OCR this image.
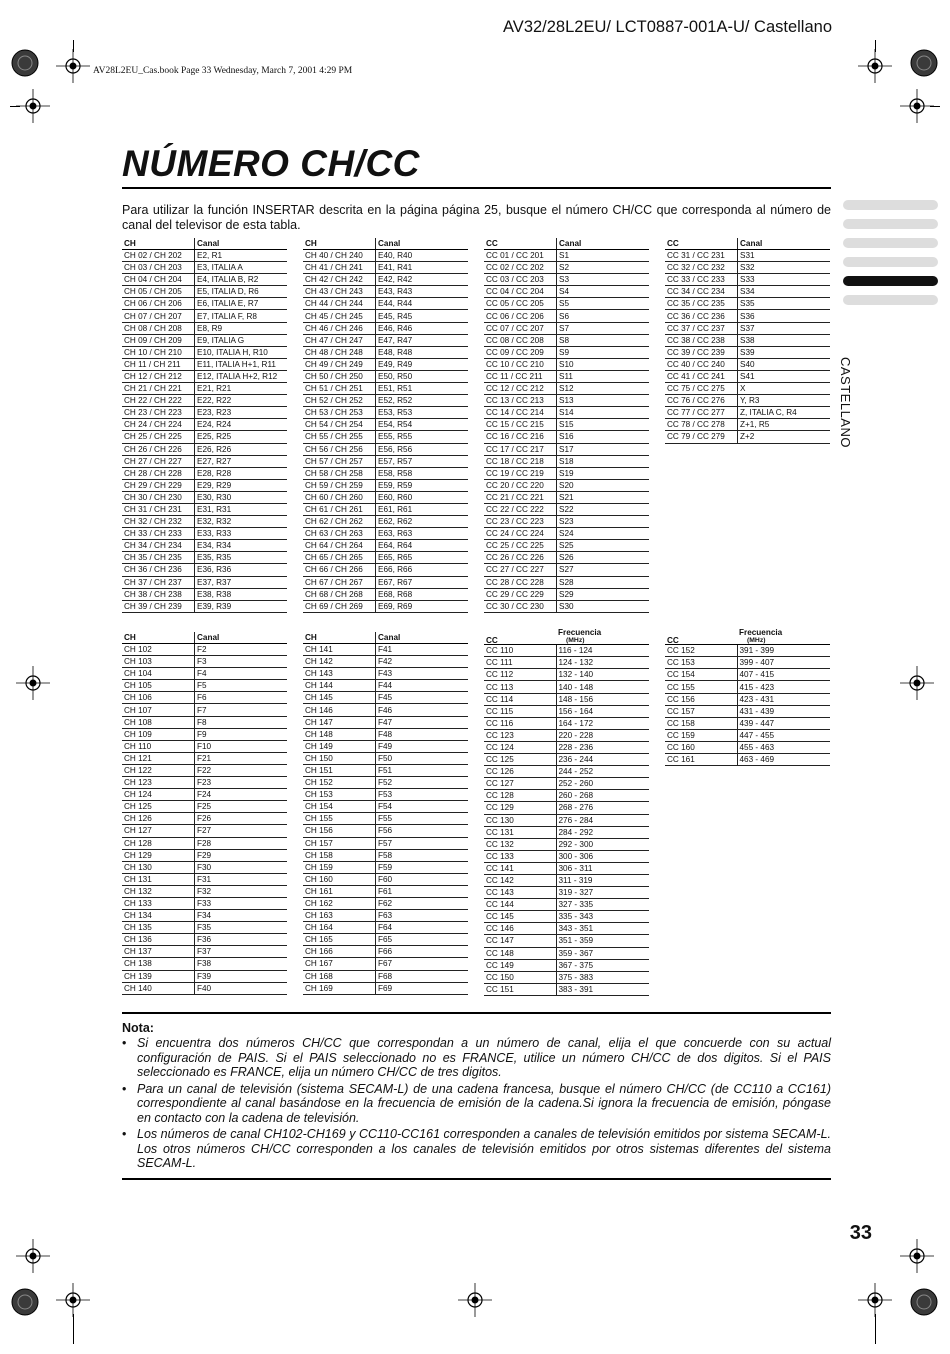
AV32/28L2EU/ LCT0887-001A-U/ Castellano
AV28L2EU_Cas.book Page 33 Wednesday, March 7, 2001 4:29 PM
NÚMERO CH/CC
Para utilizar la función INSERTAR descrita en la página página 25, busque el número CH/CC que corresponda al número de canal del televisor de esta tabla.
CH	Canal
CH 02 / CH 202	E2, R1
CH 03 / CH 203	E3, ITALIA A
CH 04 / CH 204	E4, ITALIA B, R2
CH 05 / CH 205	E5, ITALIA D, R6
CH 06 / CH 206	E6, ITALIA E, R7
CH 07 / CH 207	E7, ITALIA F, R8
CH 08 / CH 208	E8, R9
CH 09 / CH 209	E9, ITALIA G
CH 10 / CH 210	E10, ITALIA H, R10
CH 11 / CH 211	E11, ITALIA H+1, R11
CH 12 / CH 212	E12, ITALIA H+2, R12
CH 21 / CH 221	E21, R21
CH 22 / CH 222	E22, R22
CH 23 / CH 223	E23, R23
CH 24 / CH 224	E24, R24
CH 25 / CH 225	E25, R25
CH 26 / CH 226	E26, R26
CH 27 / CH 227	E27, R27
CH 28 / CH 228	E28, R28
CH 29 / CH 229	E29, R29
CH 30 / CH 230	E30, R30
CH 31 / CH 231	E31, R31
CH 32 / CH 232	E32, R32
CH 33 / CH 233	E33, R33
CH 34 / CH 234	E34, R34
CH 35 / CH 235	E35, R35
CH 36 / CH 236	E36, R36
CH 37 / CH 237	E37, R37
CH 38 / CH 238	E38, R38
CH 39 / CH 239	E39, R39
CH	Canal
CH 40 / CH 240	E40, R40
CH 41 / CH 241	E41, R41
CH 42 / CH 242	E42, R42
CH 43 / CH 243	E43, R43
CH 44 / CH 244	E44, R44
CH 45 / CH 245	E45, R45
CH 46 / CH 246	E46, R46
CH 47 / CH 247	E47, R47
CH 48 / CH 248	E48, R48
CH 49 / CH 249	E49, R49
CH 50 / CH 250	E50, R50
CH 51 / CH 251	E51, R51
CH 52 / CH 252	E52, R52
CH 53 / CH 253	E53, R53
CH 54 / CH 254	E54, R54
CH 55 / CH 255	E55, R55
CH 56 / CH 256	E56, R56
CH 57 / CH 257	E57, R57
CH 58 / CH 258	E58, R58
CH 59 / CH 259	E59, R59
CH 60 / CH 260	E60, R60
CH 61 / CH 261	E61, R61
CH 62 / CH 262	E62, R62
CH 63 / CH 263	E63, R63
CH 64 / CH 264	E64, R64
CH 65 / CH 265	E65, R65
CH 66 / CH 266	E66, R66
CH 67 / CH 267	E67, R67
CH 68 / CH 268	E68, R68
CH 69 / CH 269	E69, R69
CC	Canal
CC 01 / CC 201	S1
CC 02 / CC 202	S2
CC 03 / CC 203	S3
CC 04 / CC 204	S4
CC 05 / CC 205	S5
CC 06 / CC 206	S6
CC 07 / CC 207	S7
CC 08 / CC 208	S8
CC 09 / CC 209	S9
CC 10 / CC 210	S10
CC 11 / CC 211	S11
CC 12 / CC 212	S12
CC 13 / CC 213	S13
CC 14 / CC 214	S14
CC 15 / CC 215	S15
CC 16 / CC 216	S16
CC 17 / CC 217	S17
CC 18 / CC 218	S18
CC 19 / CC 219	S19
CC 20 / CC 220	S20
CC 21 / CC 221	S21
CC 22 / CC 222	S22
CC 23 / CC 223	S23
CC 24 / CC 224	S24
CC 25 / CC 225	S25
CC 26 / CC 226	S26
CC 27 / CC 227	S27
CC 28 / CC 228	S28
CC 29 / CC 229	S29
CC 30 / CC 230	S30
CC	Canal
CC 31 / CC 231	S31
CC 32 / CC 232	S32
CC 33 / CC 233	S33
CC 34 / CC 234	S34
CC 35 / CC 235	S35
CC 36 / CC 236	S36
CC 37 / CC 237	S37
CC 38 / CC 238	S38
CC 39 / CC 239	S39
CC 40 / CC 240	S40
CC 41 / CC 241	S41
CC 75 / CC 275	X
CC 76 / CC 276	Y, R3
CC 77 / CC 277	Z, ITALIA C, R4
CC 78 / CC 278	Z+1, R5
CC 79 / CC 279	Z+2
CH	Canal
CH 102	F2
CH 103	F3
CH 104	F4
CH 105	F5
CH 106	F6
CH 107	F7
CH 108	F8
CH 109	F9
CH 110	F10
CH 121	F21
CH 122	F22
CH 123	F23
CH 124	F24
CH 125	F25
CH 126	F26
CH 127	F27
CH 128	F28
CH 129	F29
CH 130	F30
CH 131	F31
CH 132	F32
CH 133	F33
CH 134	F34
CH 135	F35
CH 136	F36
CH 137	F37
CH 138	F38
CH 139	F39
CH 140	F40
CH	Canal
CH 141	F41
CH 142	F42
CH 143	F43
CH 144	F44
CH 145	F45
CH 146	F46
CH 147	F47
CH 148	F48
CH 149	F49
CH 150	F50
CH 151	F51
CH 152	F52
CH 153	F53
CH 154	F54
CH 155	F55
CH 156	F56
CH 157	F57
CH 158	F58
CH 159	F59
CH 160	F60
CH 161	F61
CH 162	F62
CH 163	F63
CH 164	F64
CH 165	F65
CH 166	F66
CH 167	F67
CH 168	F68
CH 169	F69
CC	Frecuencia
(MHz)

CC 110	116 - 124
CC 111	124 - 132
CC 112	132 - 140
CC 113	140 - 148
CC 114	148 - 156
CC 115	156 - 164
CC 116	164 - 172
CC 123	220 - 228
CC 124	228 - 236
CC 125	236 - 244
CC 126	244 - 252
CC 127	252 - 260
CC 128	260 - 268
CC 129	268 - 276
CC 130	276 - 284
CC 131	284 - 292
CC 132	292 - 300
CC 133	300 - 306
CC 141	306 - 311
CC 142	311 - 319
CC 143	319 - 327
CC 144	327 - 335
CC 145	335 - 343
CC 146	343 - 351
CC 147	351 - 359
CC 148	359 - 367
CC 149	367 - 375
CC 150	375 - 383
CC 151	383 - 391
CC	Frecuencia
(MHz)

CC 152	391 - 399
CC 153	399 - 407
CC 154	407 - 415
CC 155	415 - 423
CC 156	423 - 431
CC 157	431 - 439
CC 158	439 - 447
CC 159	447 - 455
CC 160	455 - 463
CC 161	463 - 469
Nota:
• Si encuentra dos números CH/CC que correspondan a un número de canal, elija el que concuerde con su actual configuración de PAIS. Si el PAIS seleccionado no es FRANCE, utilice un número CH/CC de dos digitos. Si el PAIS seleccionado es FRANCE, elija un número CH/CC de tres digitos.
• Para un canal de televisión (sistema SECAM-L) de una cadena francesa, busque el número CH/CC (de CC110 a CC161) correspondiente al canal basándose en la frecuencia de emisión de la cadena.Si ignora la frecuencia de emisión, póngase en contacto con la cadena de televisión.
• Los números de canal CH102-CH169 y CC110-CC161 corresponden a canales de televisión emitidos por sistema SECAM-L. Los otros números CH/CC corresponden a los canales de televisión emitidos por otros sistemas diferentes del sistema SECAM-L.
CASTELLANO
33
